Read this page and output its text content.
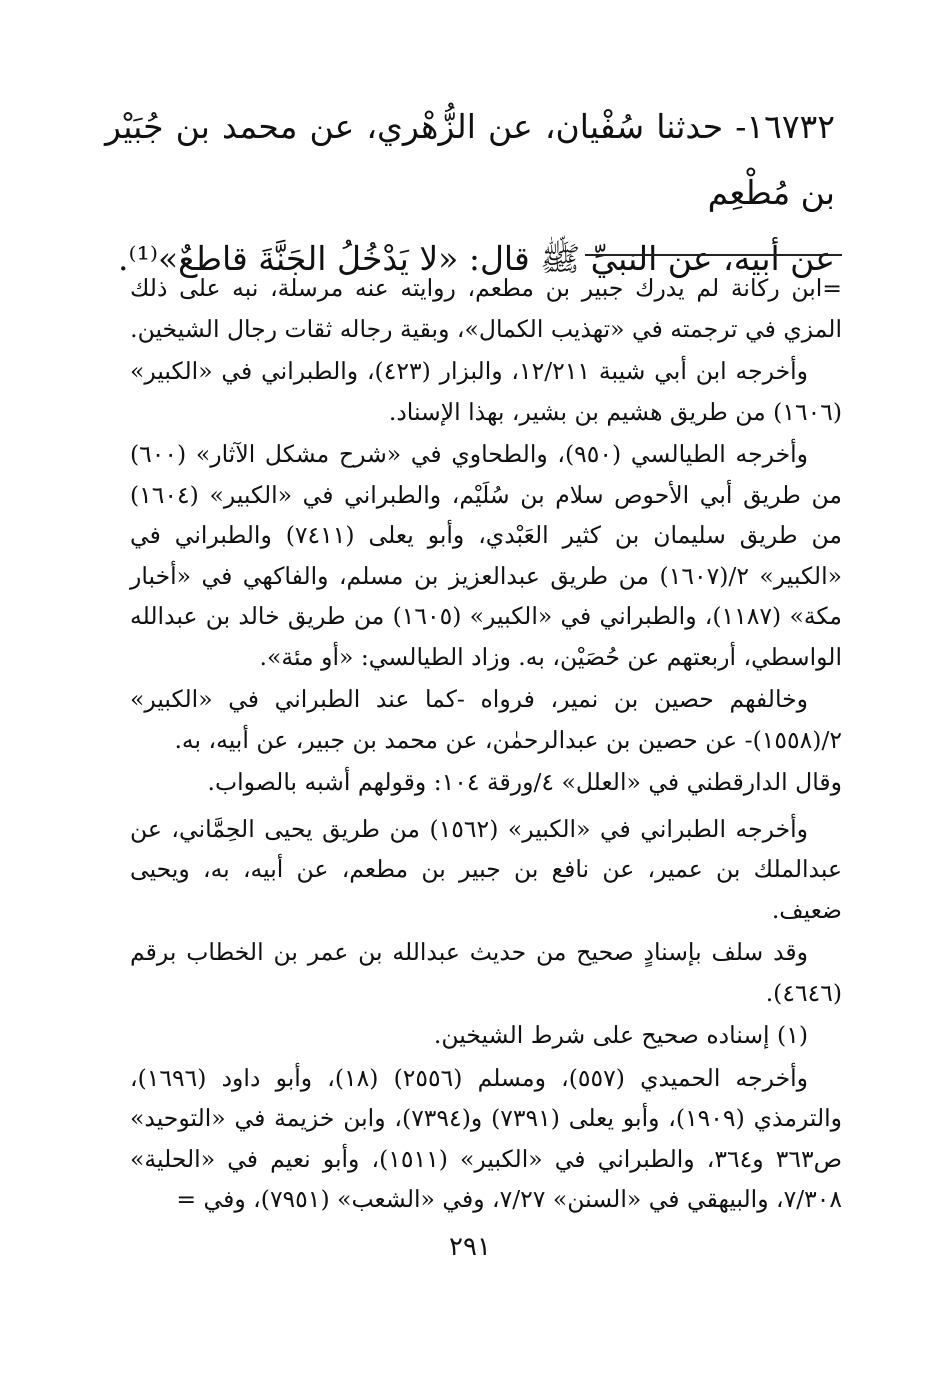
١٦٧٣٢- حدثنا سُفْيان، عن الزُّهْري، عن محمد بن جُبَيْر بن مُطْعِم

عن أبيه، عن النبيِّ ﷺ قال: «لا يَدْخُلُ الجَنَّةَ قاطعٌ»⁽¹⁾.

=ابن ركانة لم يدرك جبير بن مطعم، روايته عنه مرسلة، نبه على ذلك المزي في ترجمته في «تهذيب الكمال»، وبقية رجاله ثقات رجال الشيخين.

وأخرجه ابن أبي شيبة ١٢/٢١١، والبزار (٤٢٣)، والطبراني في «الكبير» (١٦٠٦) من طريق هشيم بن بشير، بهذا الإسناد.

وأخرجه الطيالسي (٩٥٠)، والطحاوي في «شرح مشكل الآثار» (٦٠٠) من طريق أبي الأحوص سلام بن سُلَيْم، والطبراني في «الكبير» (١٦٠٤) من طريق سليمان بن كثير العَبْدي، وأبو يعلى (٧٤١١) والطبراني في «الكبير» ٢/(١٦٠٧) من طريق عبدالعزيز بن مسلم، والفاكهي في «أخبار مكة» (١١٨٧)، والطبراني في «الكبير» (١٦٠٥) من طريق خالد بن عبدالله الواسطي، أربعتهم عن حُصَيْن، به. وزاد الطيالسي: «أو مئة».

وخالفهم حصين بن نمير، فرواه -كما عند الطبراني في «الكبير» ٢/(١٥٥٨)- عن حصين بن عبدالرحمٰن، عن محمد بن جبير، عن أبيه، به.

وقال الدارقطني في «العلل» ٤/ورقة ١٠٤: وقولهم أشبه بالصواب.

وأخرجه الطبراني في «الكبير» (١٥٦٢) من طريق يحيى الحِمَّاني، عن عبدالملك بن عمير، عن نافع بن جبير بن مطعم، عن أبيه، به، ويحيى ضعيف.

وقد سلف بإسنادٍ صحيح من حديث عبدالله بن عمر بن الخطاب برقم (٤٦٤٦).

(١) إسناده صحيح على شرط الشيخين.

وأخرجه الحميدي (٥٥٧)، ومسلم (٢٥٥٦) (١٨)، وأبو داود (١٦٩٦)، والترمذي (١٩٠٩)، وأبو يعلى (٧٣٩١) و(٧٣٩٤)، وابن خزيمة في «التوحيد» ص٣٦٣ و٣٦٤، والطبراني في «الكبير» (١٥١١)، وأبو نعيم في «الحلية» ٧/٣٠٨، والبيهقي في «السنن» ٧/٢٧، وفي «الشعب» (٧٩٥١)، وفي =

٢٩١
